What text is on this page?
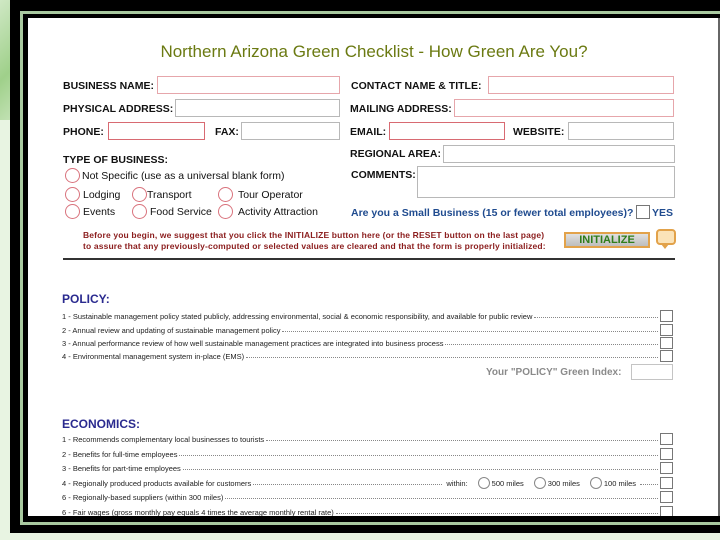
Northern Arizona Green Checklist - How Green Are You?
BUSINESS NAME:	CONTACT NAME & TITLE:
PHYSICAL ADDRESS:	MAILING ADDRESS:
PHONE:	FAX:	EMAIL:	WEBSITE:
REGIONAL AREA:
TYPE OF BUSINESS:
Not Specific (use as a universal blank form)
Lodging	Transport	Tour Operator
Events	Food Service Activity Attraction
COMMENTS:
Are you a Small Business (15 or fewer total employees)? YES
Before you begin, we suggest that you click the INITIALIZE button here (or the RESET button on the last page)
to assure that any previously-computed or selected values are cleared and that the form is properly initialized:	INITIALIZE
POLICY:
1 - Sustainable management policy stated publicly, addressing environmental, social & economic responsibility, and available for public review
2 - Annual review and updating of sustainable management policy
3 - Annual performance review of how well sustainable management practices are integrated into business process
4 - Environmental management system in-place (EMS)
Your "POLICY" Green Index:
ECONOMICS:
1 - Recommends complementary local businesses to tourists
2 - Benefits for full-time employees
3 - Benefits for part-time employees
4 - Regionally produced products available for customers	within:	500 miles	300 miles	100 miles
6 - Regionally-based suppliers (within 300 miles)
6 - Fair wages (gross monthly pay equals 4 times the average monthly rental rate)
